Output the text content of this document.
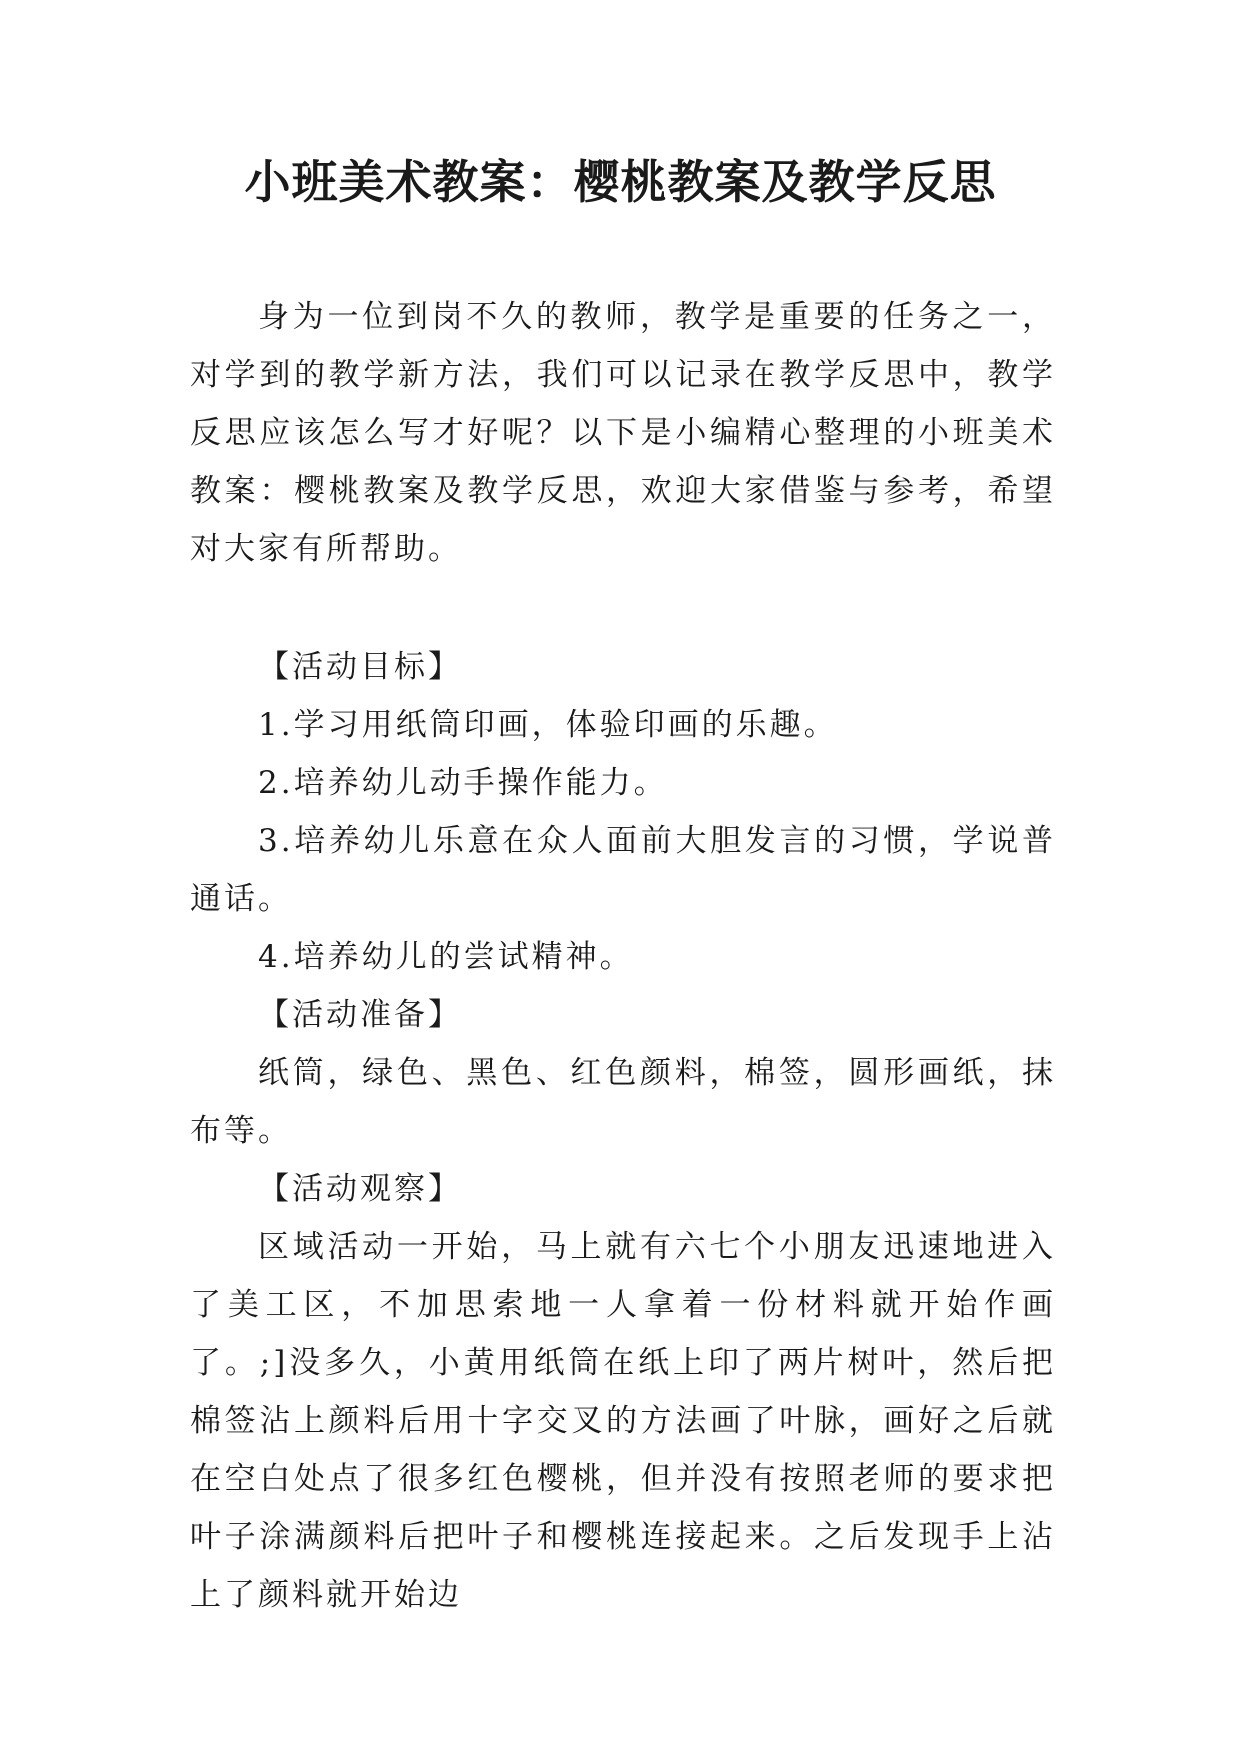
小班美术教案：樱桃教案及教学反思

身为一位到岗不久的教师，教学是重要的任务之一，对学到的教学新方法，我们可以记录在教学反思中，教学反思应该怎么写才好呢？以下是小编精心整理的小班美术教案：樱桃教案及教学反思，欢迎大家借鉴与参考，希望对大家有所帮助。

【活动目标】

1.学习用纸筒印画，体验印画的乐趣。

2.培养幼儿动手操作能力。

3.培养幼儿乐意在众人面前大胆发言的习惯，学说普通话。

4.培养幼儿的尝试精神。

【活动准备】

纸筒，绿色、黑色、红色颜料，棉签，圆形画纸，抹布等。

【活动观察】

区域活动一开始，马上就有六七个小朋友迅速地进入了美工区，不加思索地一人拿着一份材料就开始作画了。;]没多久，小黄用纸筒在纸上印了两片树叶，然后把棉签沾上颜料后用十字交叉的方法画了叶脉，画好之后就在空白处点了很多红色樱桃，但并没有按照老师的要求把叶子涂满颜料后把叶子和樱桃连接起来。之后发现手上沾上了颜料就开始边
